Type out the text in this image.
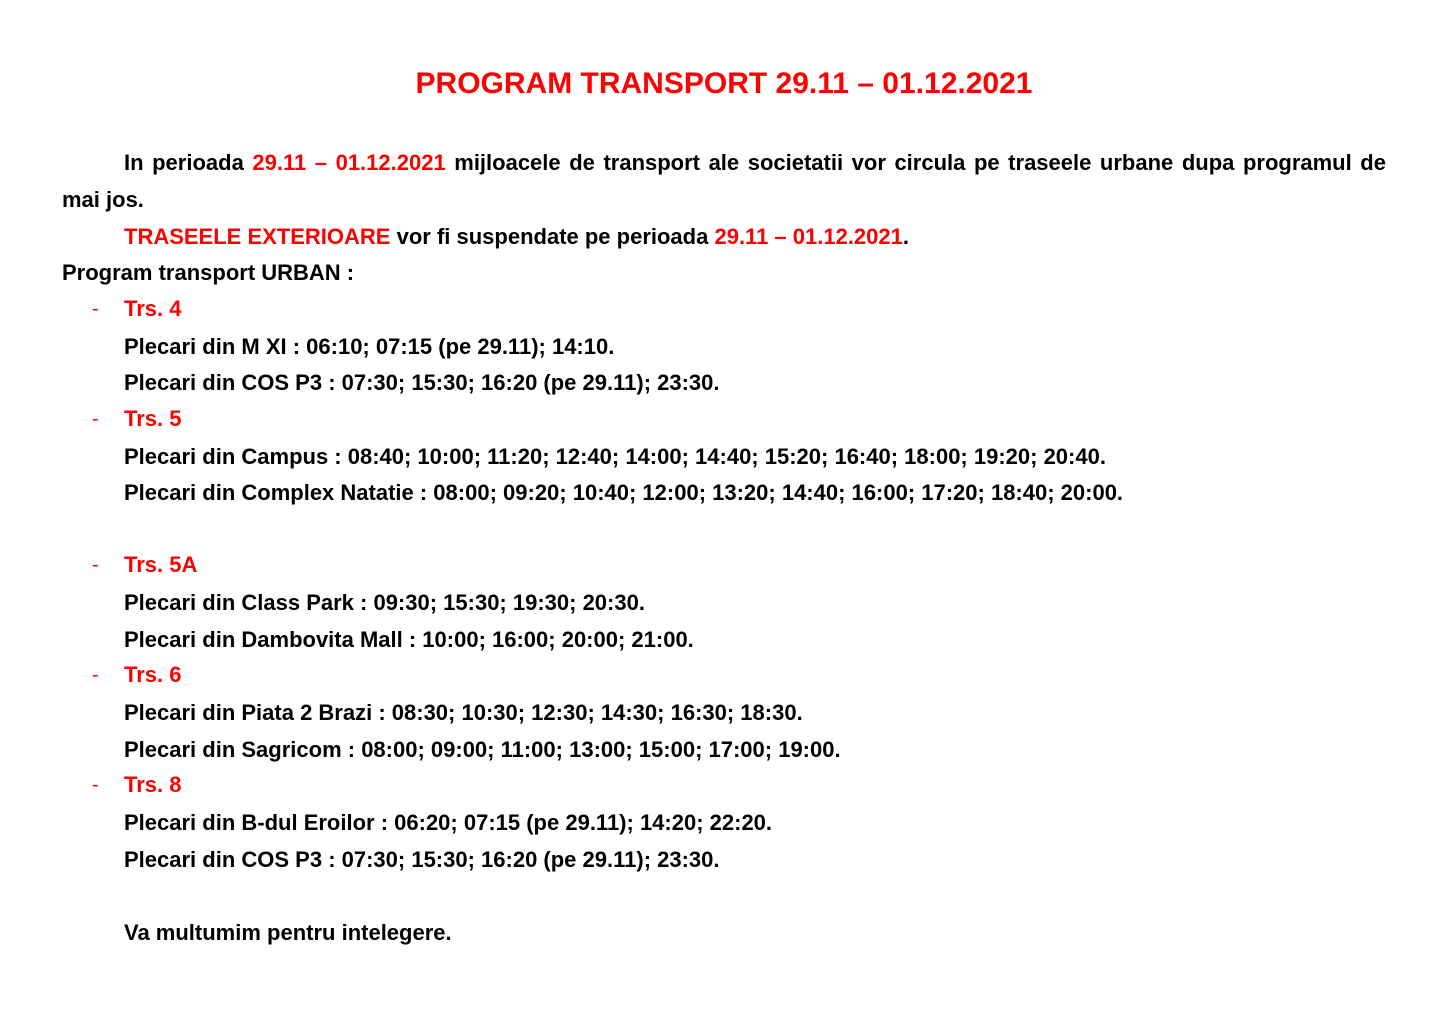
PROGRAM TRANSPORT 29.11 – 01.12.2021
In perioada 29.11 – 01.12.2021 mijloacele de transport ale societatii vor circula pe traseele urbane dupa programul de mai jos.
TRASEELE EXTERIOARE vor fi suspendate pe perioada 29.11 – 01.12.2021.
Program transport URBAN :
- Trs. 4
Plecari din M XI : 06:10; 07:15 (pe 29.11); 14:10.
Plecari din COS P3 : 07:30; 15:30; 16:20 (pe 29.11); 23:30.
- Trs. 5
Plecari din Campus : 08:40; 10:00; 11:20; 12:40; 14:00; 14:40; 15:20; 16:40; 18:00; 19:20; 20:40.
Plecari din Complex Natatie : 08:00; 09:20; 10:40; 12:00; 13:20; 14:40; 16:00; 17:20; 18:40; 20:00.
- Trs. 5A
Plecari din Class Park : 09:30; 15:30; 19:30; 20:30.
Plecari din Dambovita Mall : 10:00; 16:00; 20:00; 21:00.
- Trs. 6
Plecari din Piata 2 Brazi : 08:30; 10:30; 12:30; 14:30; 16:30; 18:30.
Plecari din Sagricom : 08:00; 09:00; 11:00; 13:00; 15:00; 17:00; 19:00.
- Trs. 8
Plecari din B-dul Eroilor : 06:20; 07:15 (pe 29.11); 14:20; 22:20.
Plecari din COS P3 : 07:30; 15:30; 16:20 (pe 29.11); 23:30.
Va multumim pentru intelegere.
